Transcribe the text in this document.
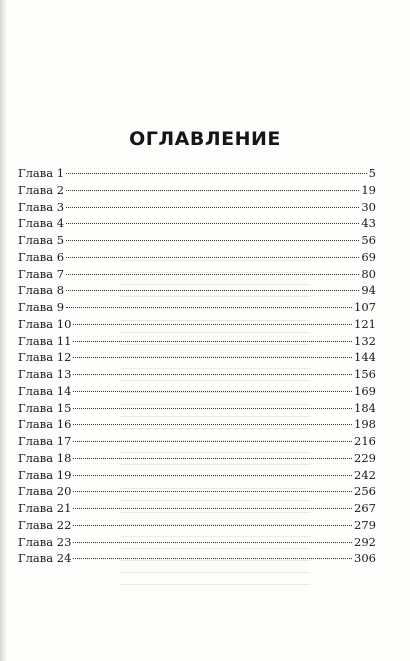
ОГЛАВЛЕНИЕ
Глава 1	5
Глава 2	19
Глава 3	30
Глава 4	43
Глава 5	56
Глава 6	69
Глава 7	80
Глава 8	94
Глава 9	107
Глава 10	121
Глава 11	132
Глава 12	144
Глава 13	156
Глава 14	169
Глава 15	184
Глава 16	198
Глава 17	216
Глава 18	229
Глава 19	242
Глава 20	256
Глава 21	267
Глава 22	279
Глава 23	292
Глава 24	306
